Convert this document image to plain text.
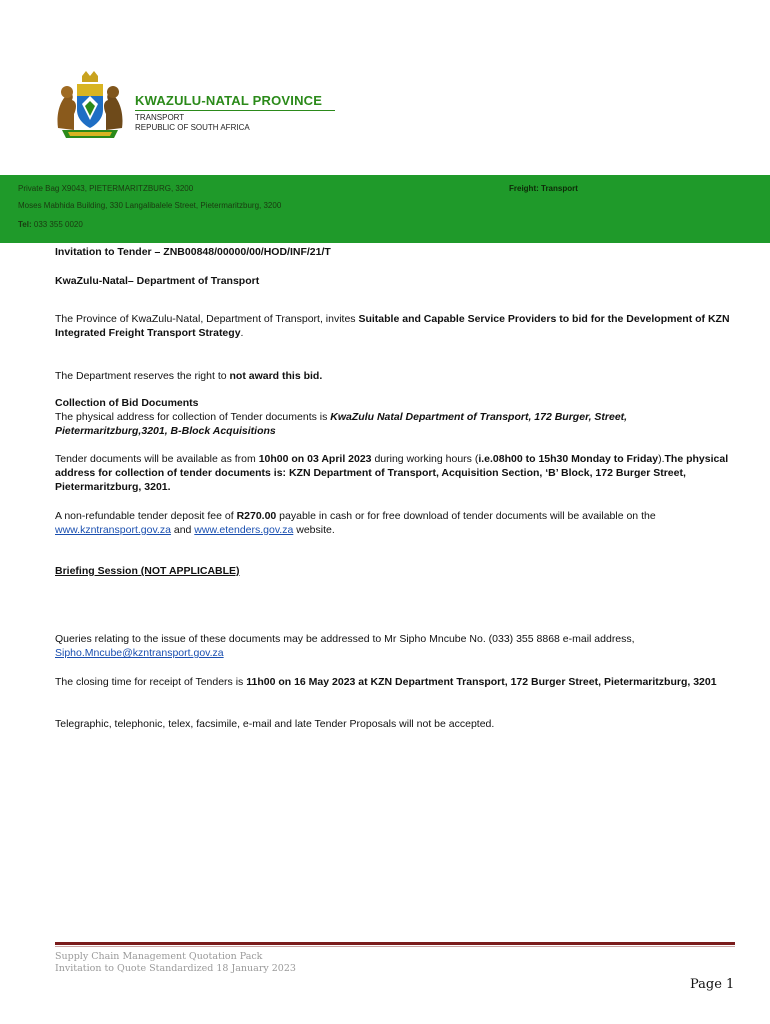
KWAZULU-NATAL PROVINCE
TRANSPORT
REPUBLIC OF SOUTH AFRICA
Private Bag X9043, PIETERMARITZBURG, 3200
Moses Mabhida Building, 330 Langalibalele Street, Pietermaritzburg, 3200
Tel: 033 355 0020
Freight: Transport
Invitation to Tender – ZNB00848/00000/00/HOD/INF/21/T
KwaZulu-Natal– Department of Transport
The Province of KwaZulu-Natal, Department of Transport, invites Suitable and Capable Service Providers to bid for the Development of KZN Integrated Freight Transport Strategy.
The Department reserves the right to not award this bid.
Collection of Bid Documents
The physical address for collection of Tender documents is KwaZulu Natal Department of Transport, 172 Burger, Street, Pietermaritzburg,3201, B-Block Acquisitions
Tender documents will be available as from 10h00 on 03 April 2023 during working hours (i.e.08h00 to 15h30 Monday to Friday).The physical address for collection of tender documents is: KZN Department of Transport, Acquisition Section, ‘B’ Block, 172 Burger Street, Pietermaritzburg, 3201.
A non-refundable tender deposit fee of R270.00 payable in cash or for free download of tender documents will be available on the www.kzntransport.gov.za and www.etenders.gov.za website.
Briefing Session (NOT APPLICABLE)
Queries relating to the issue of these documents may be addressed to Mr Sipho Mncube No. (033) 355 8868 e-mail address,
Sipho.Mncube@kzntransport.gov.za
The closing time for receipt of Tenders is 11h00 on 16 May 2023 at KZN Department Transport, 172 Burger Street, Pietermaritzburg, 3201
Telegraphic, telephonic, telex, facsimile, e-mail and late Tender Proposals will not be accepted.
Supply Chain Management Quotation Pack
Invitation to Quote Standardized 18 January 2023
Page 1
